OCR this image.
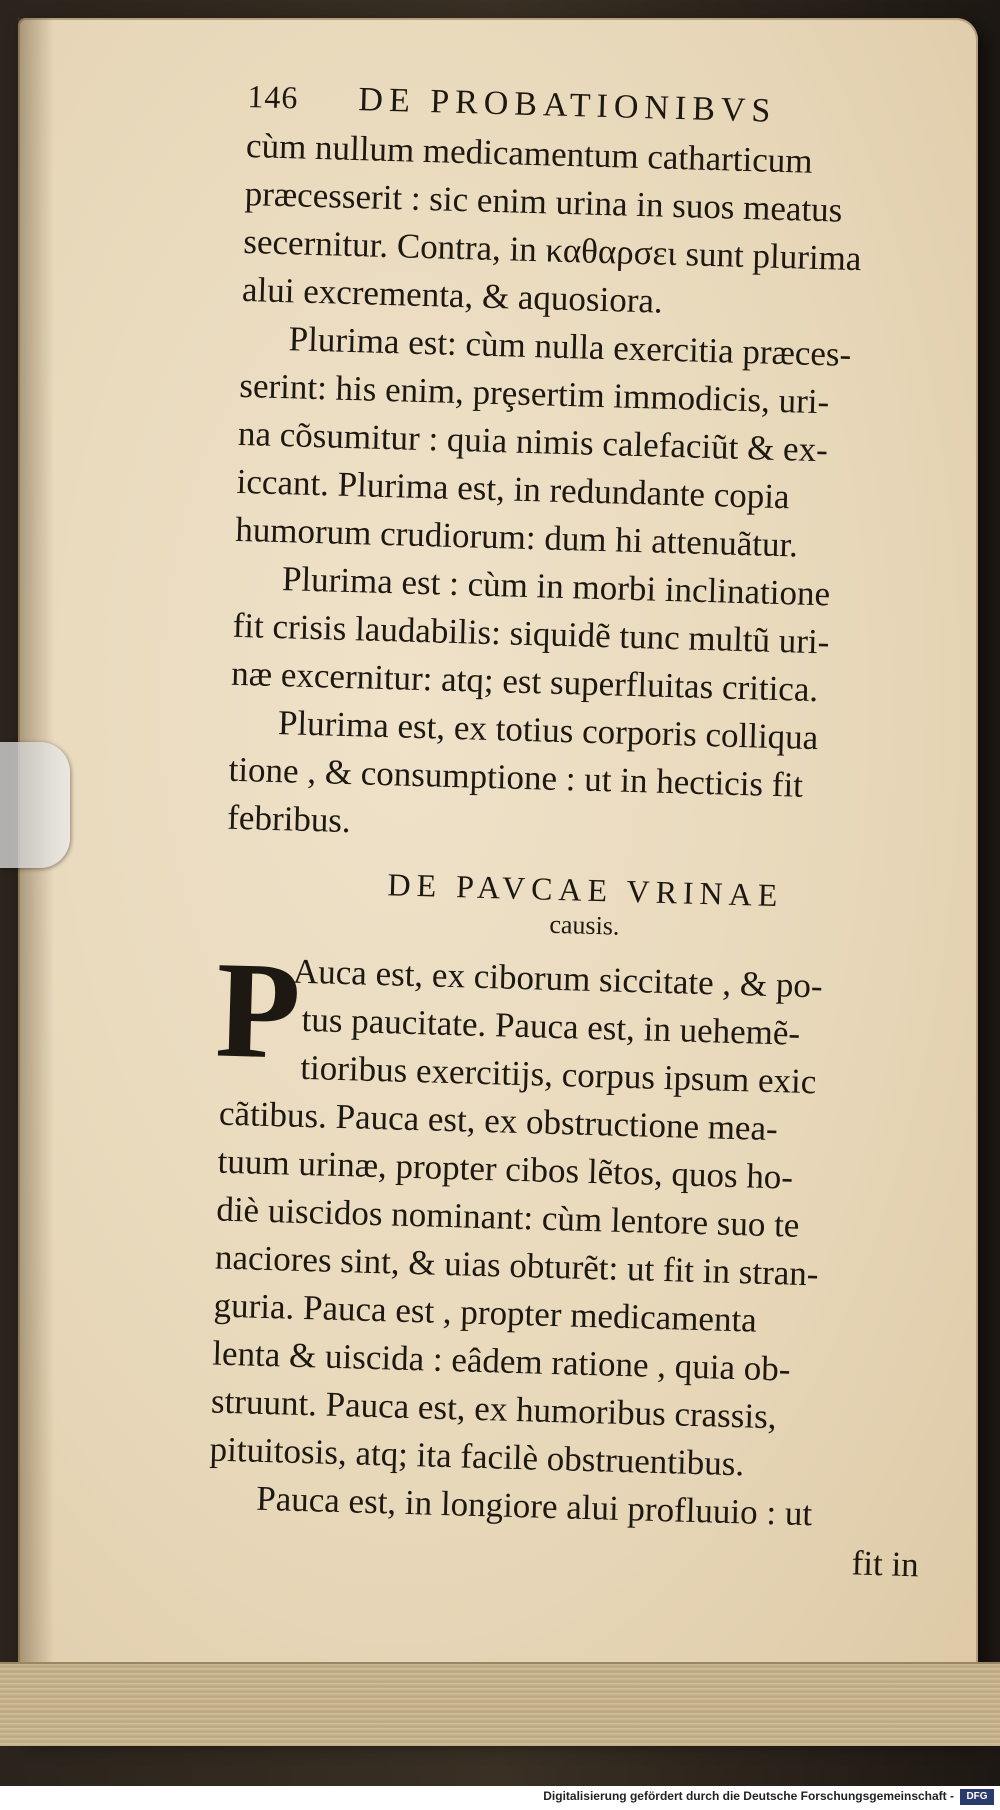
146 DE PROBATIONIBVS
cùm nullum medicamentum catharticum
præcesserit : sic enim urina in suos meatus
secernitur. Contra, in καθαρσει sunt plurima
alui excrementa, & aquosiora.
Plurima est: cùm nulla exercitia præces-
serint: his enim, prȩsertim immodicis, uri-
na cõsumitur : quia nimis calefaciũt & ex-
iccant. Plurima est, in redundante copia
humorum crudiorum: dum hi attenuãtur.
Plurima est : cùm in morbi inclinatione
fit crisis laudabilis: siquidẽ tunc multũ uri-
næ excernitur: atq; est superfluitas critica.
Plurima est, ex totius corporis colliqua
tione , & consumptione : ut in hecticis fit
febribus.
DE PAVCAE VRINAE
causis.
P
Auca est, ex ciborum siccitate , & po-
tus paucitate. Pauca est, in uehemẽ-
tioribus exercitijs, corpus ipsum exic
cãtibus. Pauca est, ex obstructione mea-
tuum urinæ, propter cibos lẽtos, quos ho-
diè uiscidos nominant: cùm lentore suo te
naciores sint, & uias obturẽt: ut fit in stran-
guria. Pauca est , propter medicamenta
lenta & uiscida : eâdem ratione , quia ob-
struunt. Pauca est, ex humoribus crassis,
pituitosis, atq; ita facilè obstruentibus.
Pauca est, in longiore alui profluuio : ut
fit in
Digitalisierung gefördert durch die Deutsche Forschungsgemeinschaft -	DFG
